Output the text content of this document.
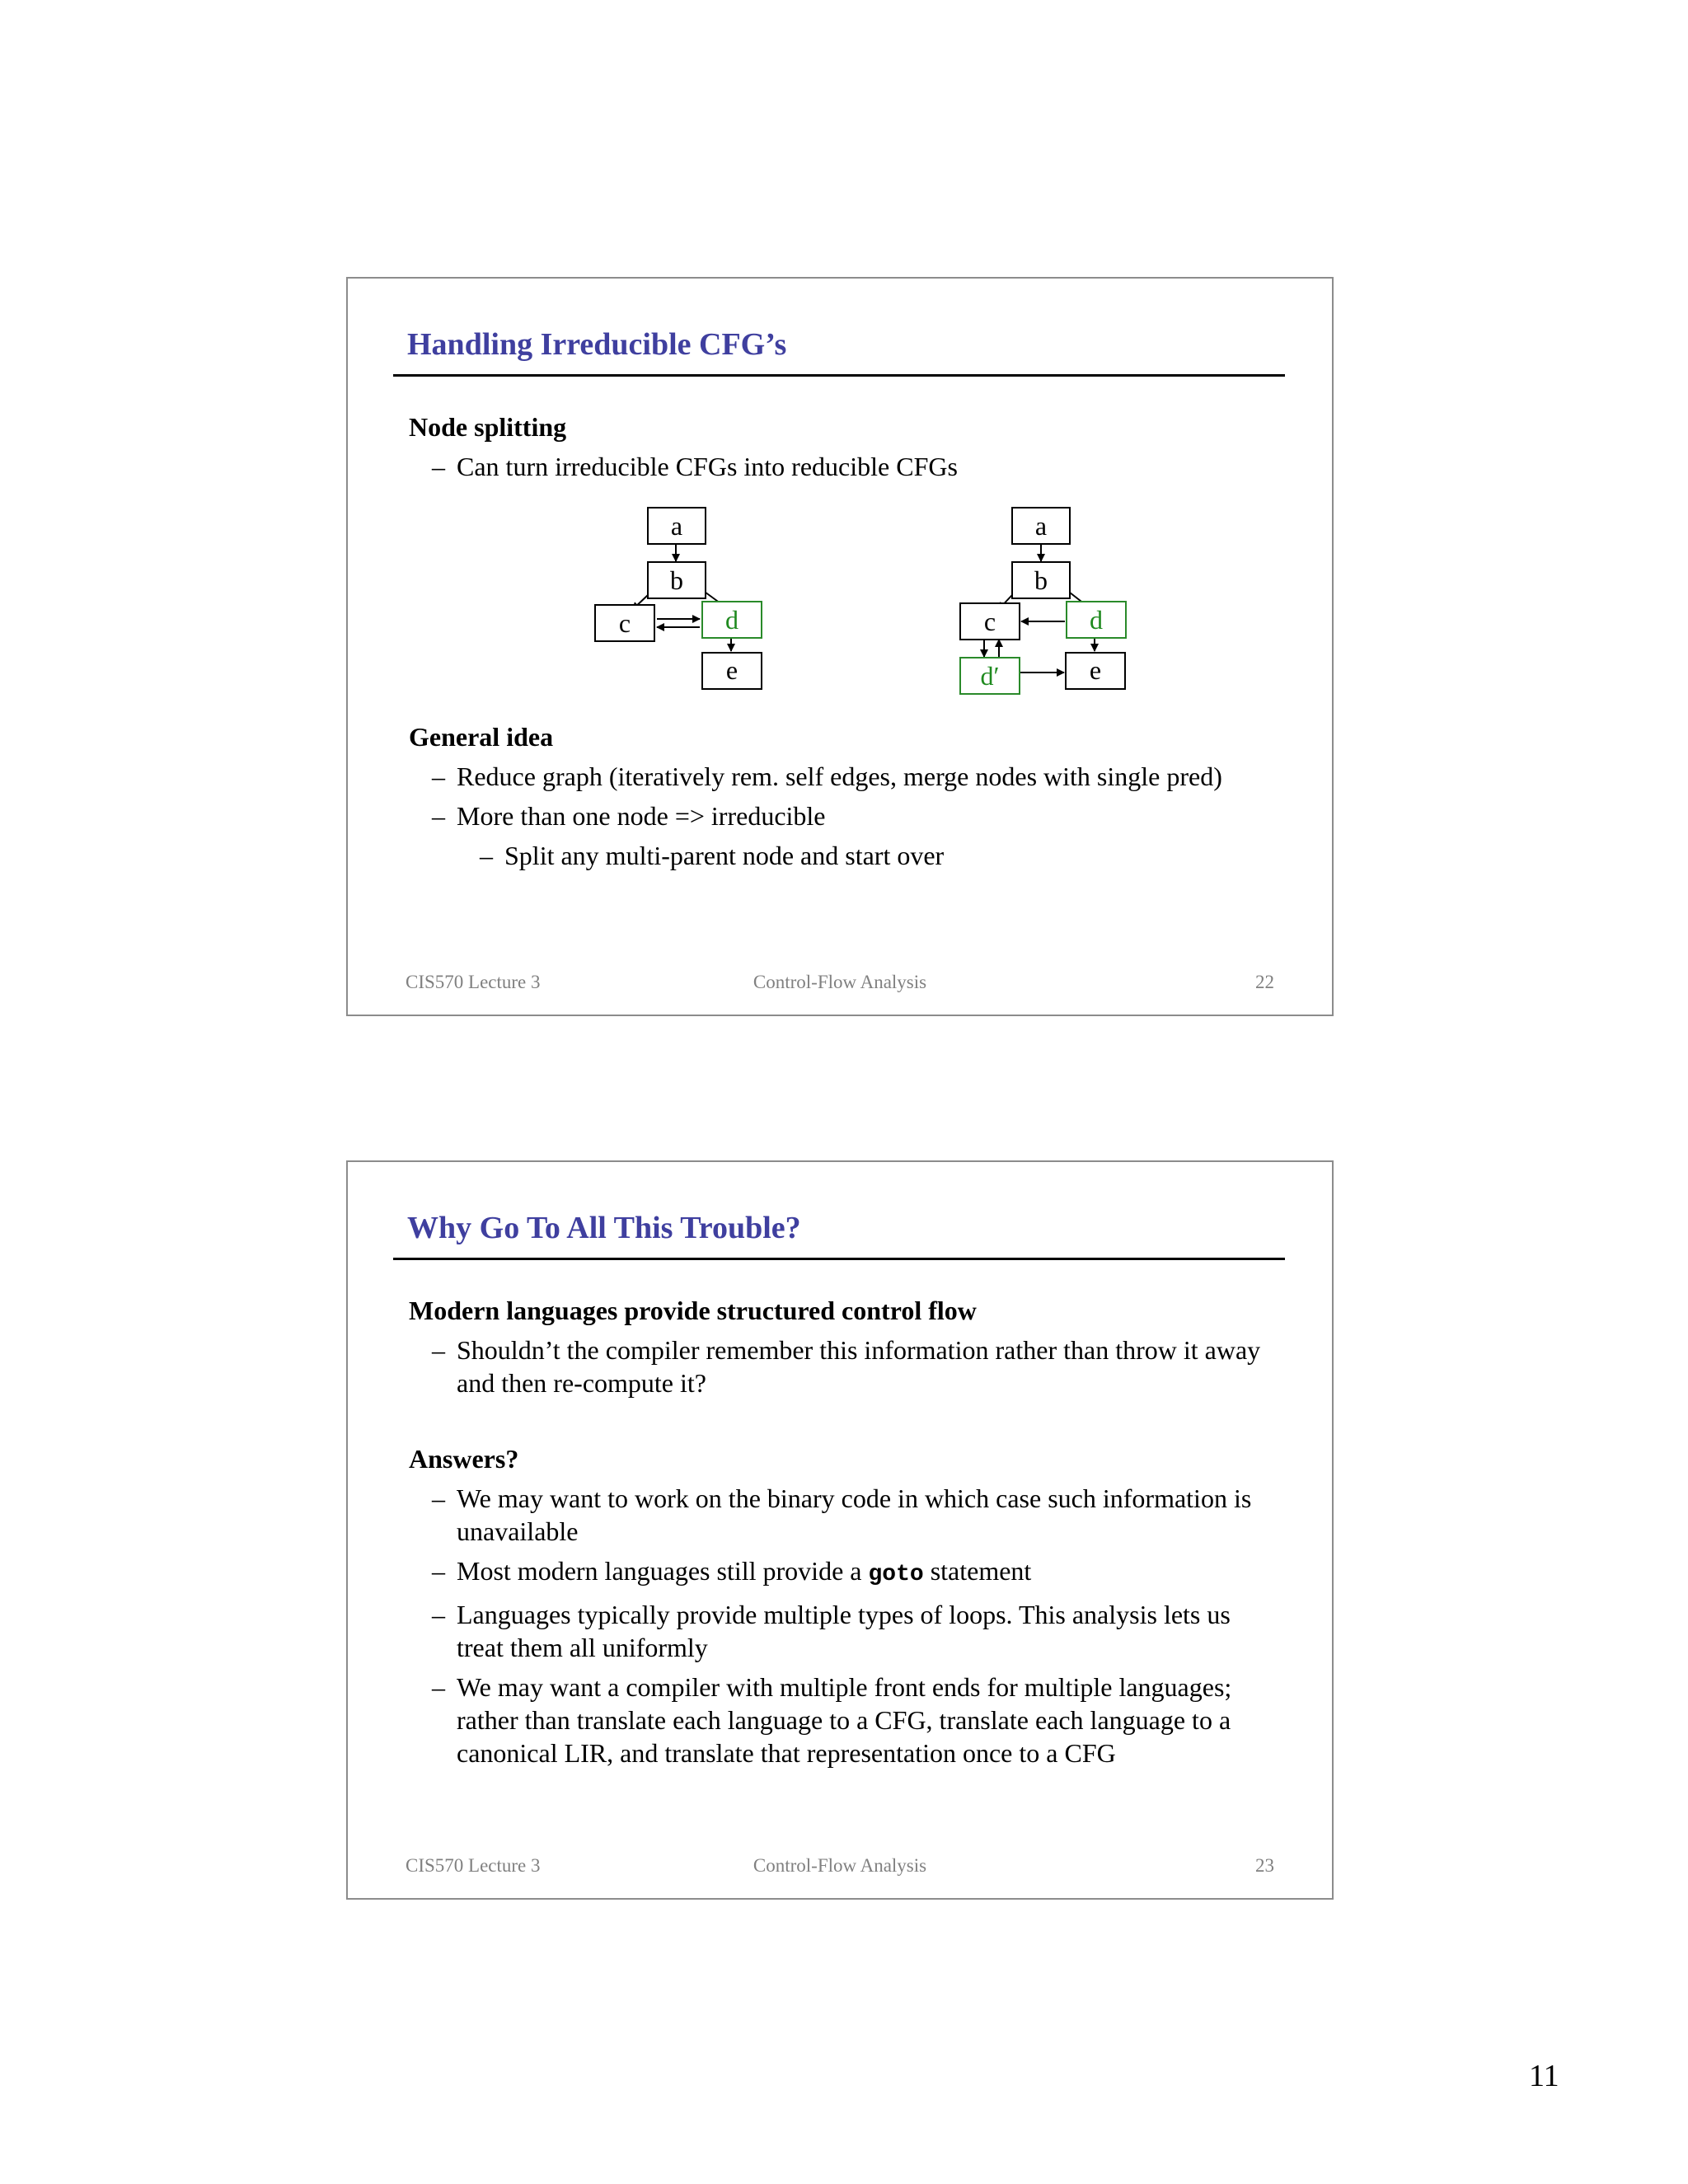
Handling Irreducible CFG’s
Node splitting
– Can turn irreducible CFGs into reducible CFGs
General idea
– Reduce graph (iteratively rem. self edges, merge nodes with single pred)
– More than one node => irreducible
– Split any multi-parent node and start over
a
b
c	d
e
a
b
c	d
d′	e
CIS570 Lecture 3	Control-Flow Analysis	22
Why Go To All This Trouble?
Modern languages provide structured control flow
– Shouldn’t the compiler remember this information rather than throw it away and then re-compute it?
Answers?
– We may want to work on the binary code in which case such information is unavailable
– Most modern languages still provide a goto statement
– Languages typically provide multiple types of loops. This analysis lets us treat them all uniformly
– We may want a compiler with multiple front ends for multiple languages; rather than translate each language to a CFG, translate each language to a canonical LIR, and translate that representation once to a CFG
CIS570 Lecture 3	Control-Flow Analysis	23
11
